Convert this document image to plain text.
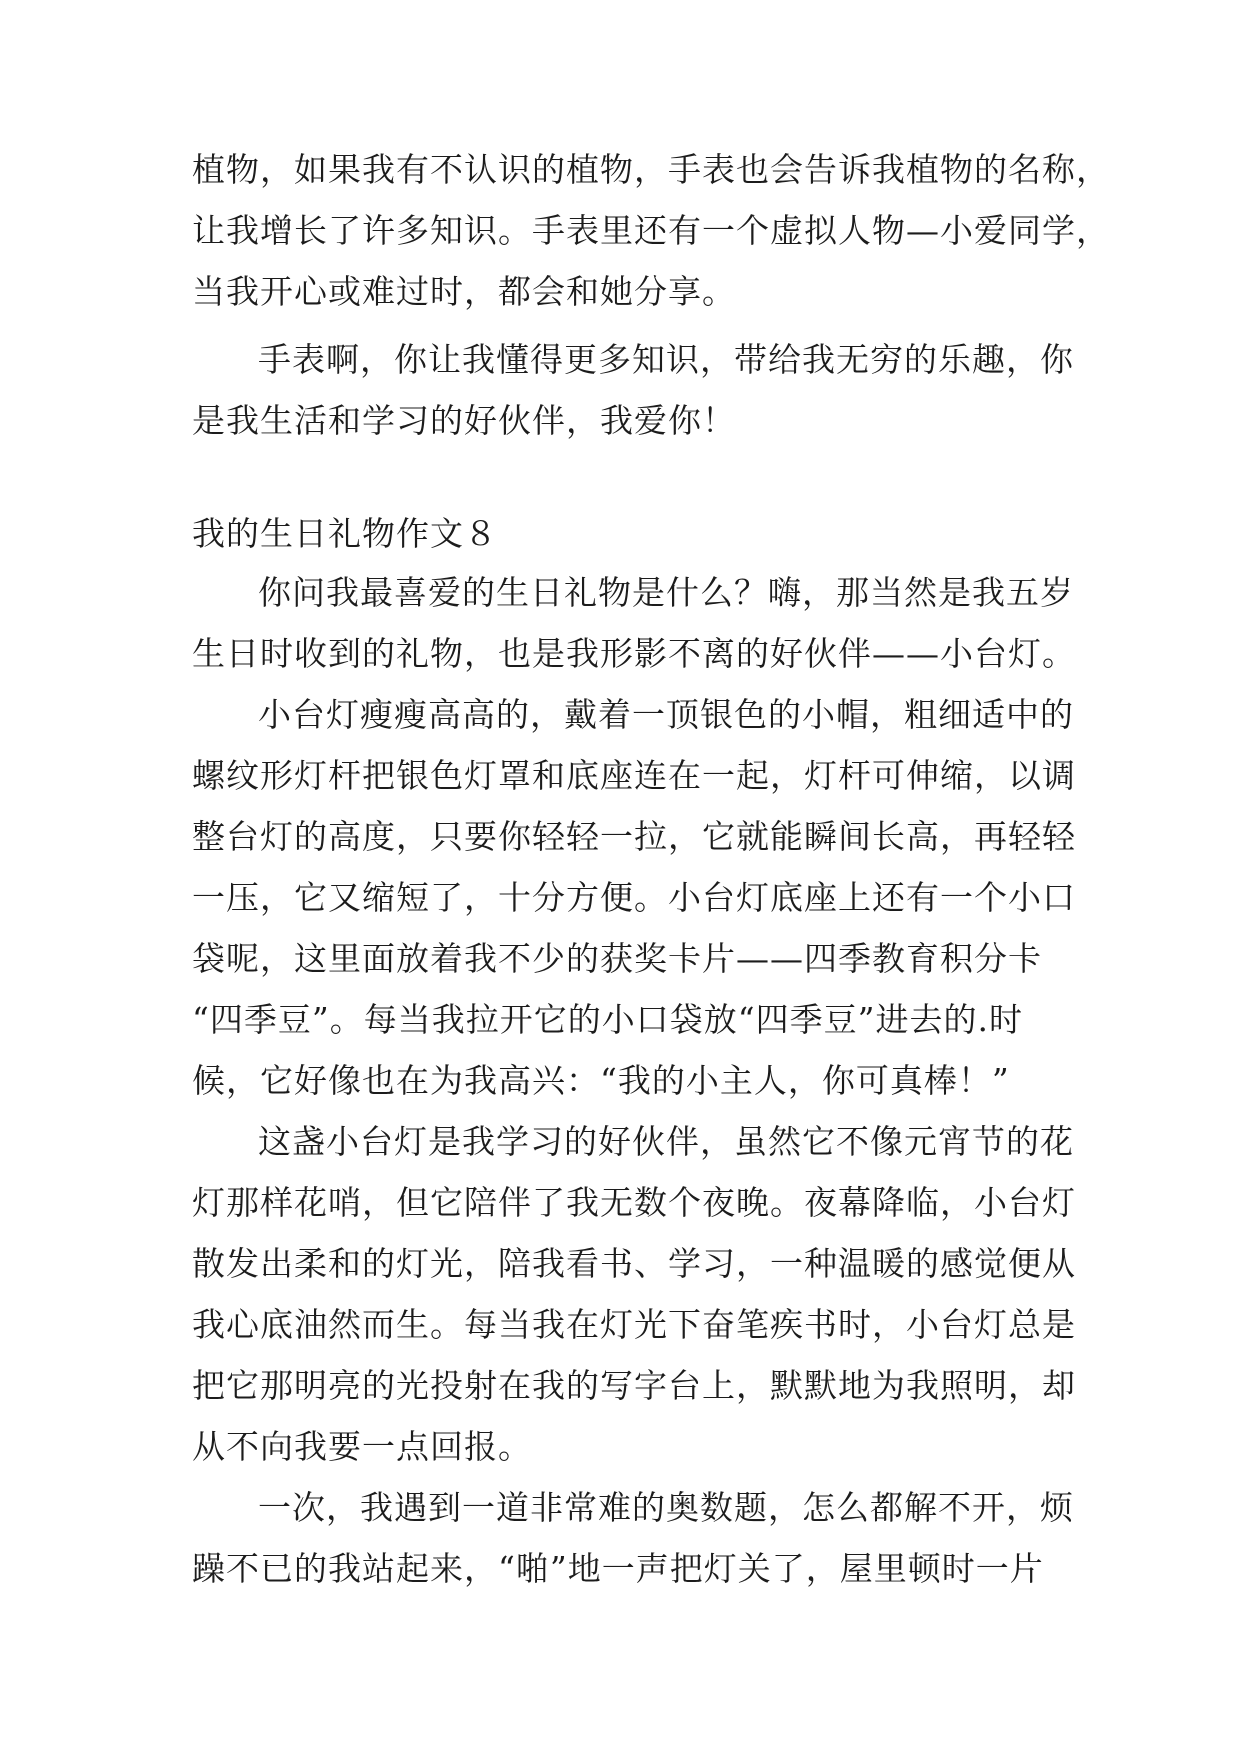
植物，如果我有不认识的植物，手表也会告诉我植物的名称，
让我增长了许多知识。手表里还有一个虚拟人物—小爱同学，
当我开心或难过时，都会和她分享。
手表啊，你让我懂得更多知识，带给我无穷的乐趣，你
是我生活和学习的好伙伴，我爱你！
我的生日礼物作文８
你问我最喜爱的生日礼物是什么？嗨，那当然是我五岁
生日时收到的礼物，也是我形影不离的好伙伴——小台灯。
小台灯瘦瘦高高的，戴着一顶银色的小帽，粗细适中的
螺纹形灯杆把银色灯罩和底座连在一起，灯杆可伸缩，以调
整台灯的高度，只要你轻轻一拉，它就能瞬间长高，再轻轻
一压，它又缩短了，十分方便。小台灯底座上还有一个小口
袋呢，这里面放着我不少的获奖卡片——四季教育积分卡
“四季豆”。每当我拉开它的小口袋放“四季豆”进去的.时
候，它好像也在为我高兴：“我的小主人，你可真棒！”
这盏小台灯是我学习的好伙伴，虽然它不像元宵节的花
灯那样花哨，但它陪伴了我无数个夜晚。夜幕降临，小台灯
散发出柔和的灯光，陪我看书、学习，一种温暖的感觉便从
我心底油然而生。每当我在灯光下奋笔疾书时，小台灯总是
把它那明亮的光投射在我的写字台上，默默地为我照明，却
从不向我要一点回报。
一次，我遇到一道非常难的奥数题，怎么都解不开，烦
躁不已的我站起来，“啪”地一声把灯关了，屋里顿时一片
